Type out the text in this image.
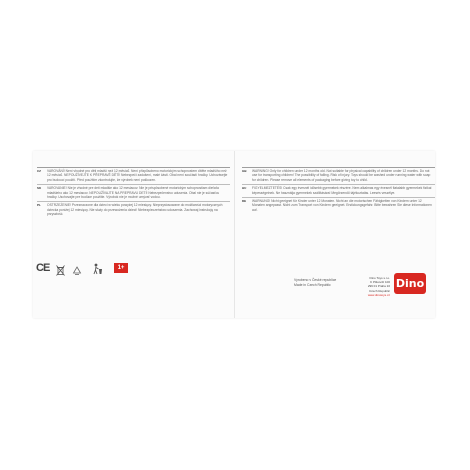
CZ VAROVÁNÍ! Není vhodné pro děti mladší než 12 měsíců. Není přizpůsobeno motorickým schopnostem dítěte mladšího než 12 měsíců. NEPOUŽÍVEJTE K PŘEPRAVĚ DĚTÍ! Nebezpečí zadušení, malé části. Obal není součástí hračky. Uchovávejte pro budoucí použití. Před použitím zkontrolujte, že výrobek není poškozen.

SK VAROVANIE! Nie je vhodné pre deti mladšie ako 12 mesiacov. Nie je prispôsobené motorickým schopnostiam dieťaťa mladšieho ako 12 mesiacov. NEPOUŽÍVAJTE NA PREPRAVU DETÍ! Nebezpečenstvo udusenia. Obal nie je súčasťou hračky. Uschovajte pre budúce použitie. Výrobok nie je možné umývať vodou.

PL OSTRZEŻENIE! Przeznaczone dla dzieci w wieku powyżej 12 miesięcy. Nieprzystosowane do możliwości motorycznych dziecka poniżej 12 miesięcy. Nie służy do przewożenia dzieci! Niebezpieczeństwo uduszenia. Zachowaj instrukcję na przyszłość.

GB WARNING! Only for children under 12 months old. Not suitable for physical capability of children under 12 months. Do not use for transporting children! The possibility of falling. Risk of injury. Toys should be washed under running water with soap for children. Please remove all elements of packaging before giving toy to child.

HU FIGYELMEZTETÉS! Csak egy évesnél idősebb gyermekek részére. Nem alkalmas egy évesnél fiatalabb gyermekek fizikai képességeinek. Ne használja gyermekek szállítására! Megőrzendő tájékoztatás. Leesés veszélye.

DE WARNUNG! Nicht geeignet für Kinder unter 12 Monaten. Nicht an die motorischen Fähigkeiten von Kindern unter 12 Monaten angepasst. Nicht zum Transport von Kindern geeignet. Erstickungsgefahr. Bitte bewahren Sie diese Informationen auf.

CE	1+
Vyrobeno v České republice
Made in Czech Republic
Dino Toys s.r.o.
K Pitkovičí 100
299 01 Praha 10
Czech Republic
www.dinotoys.cz
Dino
